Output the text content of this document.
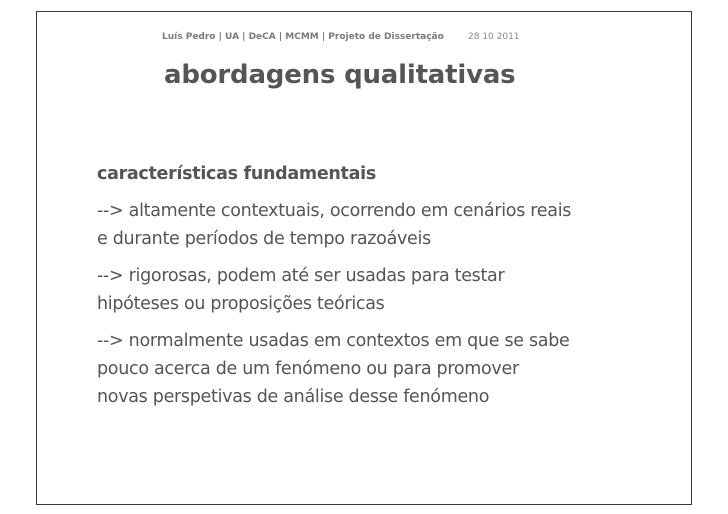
Luís Pedro | UA | DeCA | MCMM | Projeto de Dissertação	28 10 2011
abordagens qualitativas
características fundamentais
--> altamente contextuais, ocorrendo em cenários reais
e durante períodos de tempo razoáveis
--> rigorosas, podem até ser usadas para testar
hipóteses ou proposições teóricas
--> normalmente usadas em contextos em que se sabe
pouco acerca de um fenómeno ou para promover
novas perspetivas de análise desse fenómeno
